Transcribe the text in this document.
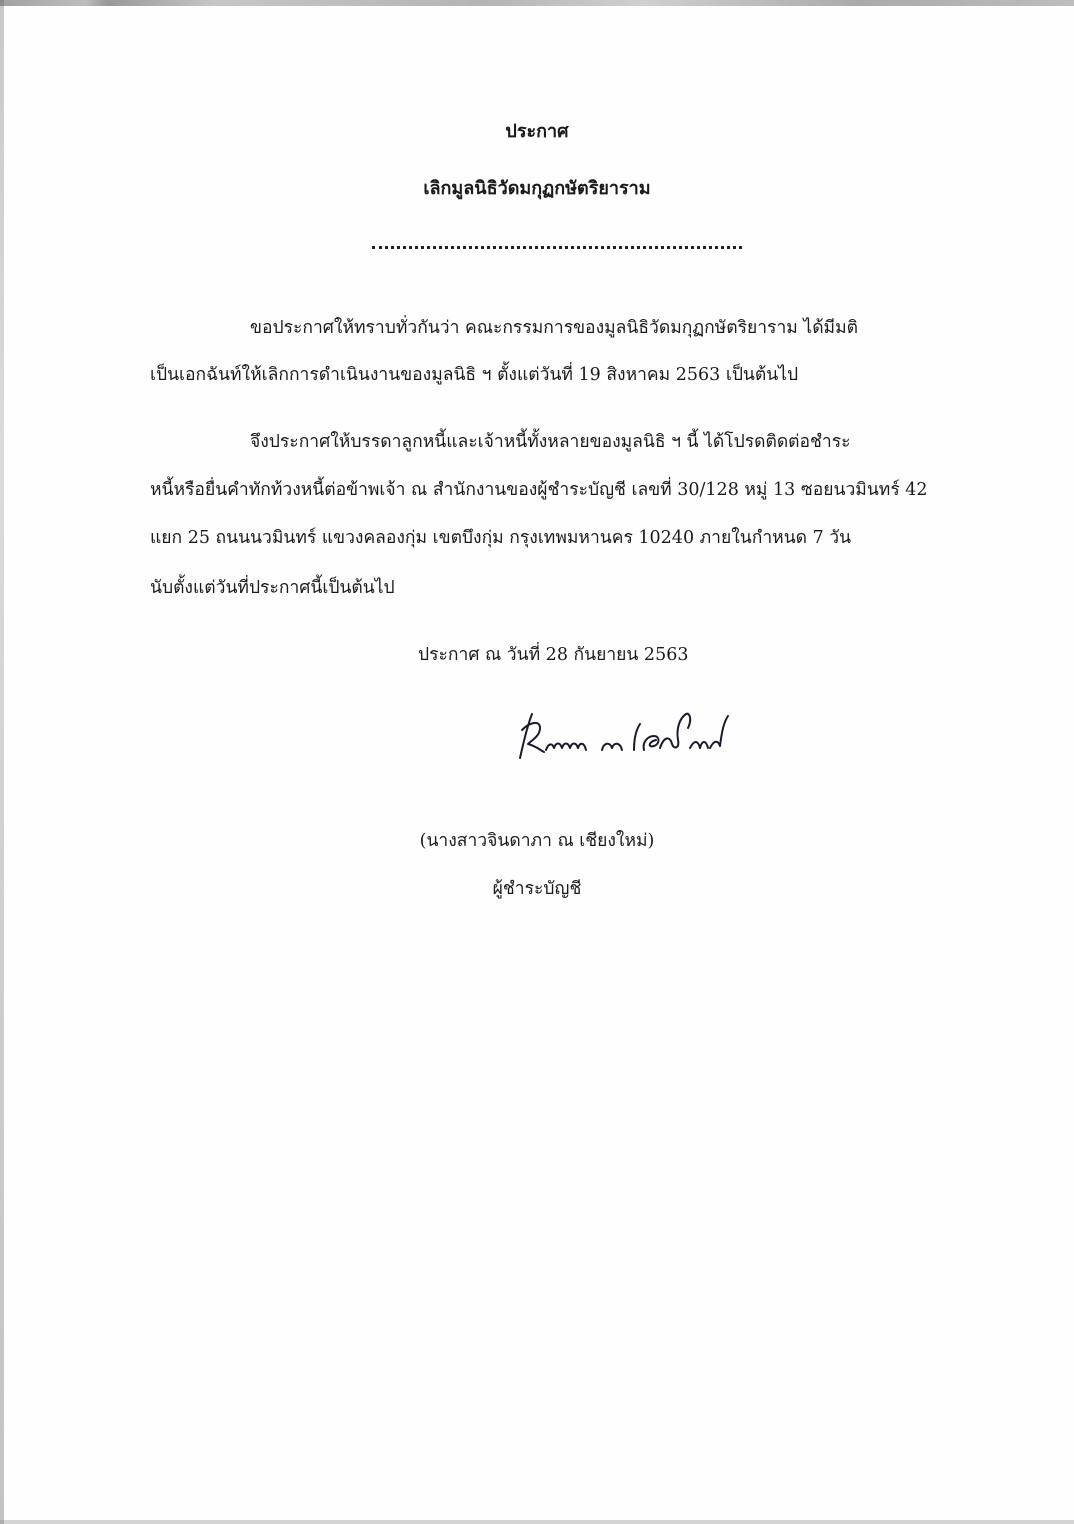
ประกาศ
เลิกมูลนิธิวัดมกุฏกษัตริยาราม
ขอประกาศให้ทราบทั่วกันว่า คณะกรรมการของมูลนิธิวัดมกุฏกษัตริยาราม ได้มีมติ
เป็นเอกฉันท์ให้เลิกการดำเนินงานของมูลนิธิ ฯ ตั้งแต่วันที่ 19 สิงหาคม 2563 เป็นต้นไป
จึงประกาศให้บรรดาลูกหนี้และเจ้าหนี้ทั้งหลายของมูลนิธิ ฯ นี้ ได้โปรดติดต่อชำระ
หนี้หรือยื่นคำทักท้วงหนี้ต่อข้าพเจ้า ณ สำนักงานของผู้ชำระบัญชี เลขที่ 30/128 หมู่ 13 ซอยนวมินทร์ 42
แยก 25 ถนนนวมินทร์ แขวงคลองกุ่ม เขตบึงกุ่ม กรุงเทพมหานคร 10240 ภายในกำหนด 7 วัน
นับตั้งแต่วันที่ประกาศนี้เป็นต้นไป
ประกาศ ณ วันที่ 28 กันยายน 2563
(นางสาวจินดาภา ณ เชียงใหม่)
ผู้ชำระบัญชี
